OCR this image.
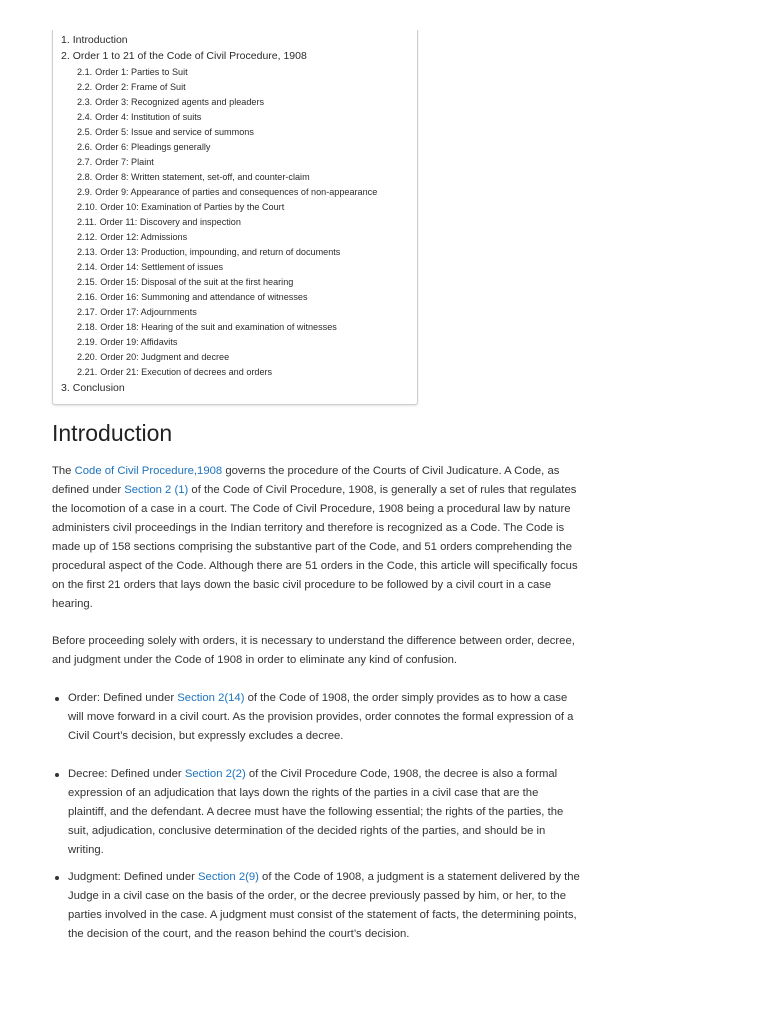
1. Introduction
2. Order 1 to 21 of the Code of Civil Procedure, 1908
2.1. Order 1: Parties to Suit
2.2. Order 2: Frame of Suit
2.3. Order 3: Recognized agents and pleaders
2.4. Order 4: Institution of suits
2.5. Order 5: Issue and service of summons
2.6. Order 6: Pleadings generally
2.7. Order 7: Plaint
2.8. Order 8: Written statement, set-off, and counter-claim
2.9. Order 9: Appearance of parties and consequences of non-appearance
2.10. Order 10: Examination of Parties by the Court
2.11. Order 11: Discovery and inspection
2.12. Order 12: Admissions
2.13. Order 13: Production, impounding, and return of documents
2.14. Order 14: Settlement of issues
2.15. Order 15: Disposal of the suit at the first hearing
2.16. Order 16: Summoning and attendance of witnesses
2.17. Order 17: Adjournments
2.18. Order 18: Hearing of the suit and examination of witnesses
2.19. Order 19: Affidavits
2.20. Order 20: Judgment and decree
2.21. Order 21: Execution of decrees and orders
3. Conclusion
Introduction

The Code of Civil Procedure,1908 governs the procedure of the Courts of Civil Judicature. A Code, as defined under Section 2 (1) of the Code of Civil Procedure, 1908, is generally a set of rules that regulates the locomotion of a case in a court. The Code of Civil Procedure, 1908 being a procedural law by nature administers civil proceedings in the Indian territory and therefore is recognized as a Code. The Code is made up of 158 sections comprising the substantive part of the Code, and 51 orders comprehending the procedural aspect of the Code. Although there are 51 orders in the Code, this article will specifically focus on the first 21 orders that lays down the basic civil procedure to be followed by a civil court in a case hearing.

Before proceeding solely with orders, it is necessary to understand the difference between order, decree, and judgment under the Code of 1908 in order to eliminate any kind of confusion.

Order: Defined under Section 2(14) of the Code of 1908, the order simply provides as to how a case will move forward in a civil court. As the provision provides, order connotes the formal expression of a Civil Court’s decision, but expressly excludes a decree.
Decree: Defined under Section 2(2) of the Civil Procedure Code, 1908, the decree is also a formal expression of an adjudication that lays down the rights of the parties in a civil case that are the plaintiff, and the defendant. A decree must have the following essential; the rights of the parties, the suit, adjudication, conclusive determination of the decided rights of the parties, and should be in writing.
Judgment: Defined under Section 2(9) of the Code of 1908, a judgment is a statement delivered by the Judge in a civil case on the basis of the order, or the decree previously passed by him, or her, to the parties involved in the case. A judgment must consist of the statement of facts, the determining points, the decision of the court, and the reason behind the court’s decision.
